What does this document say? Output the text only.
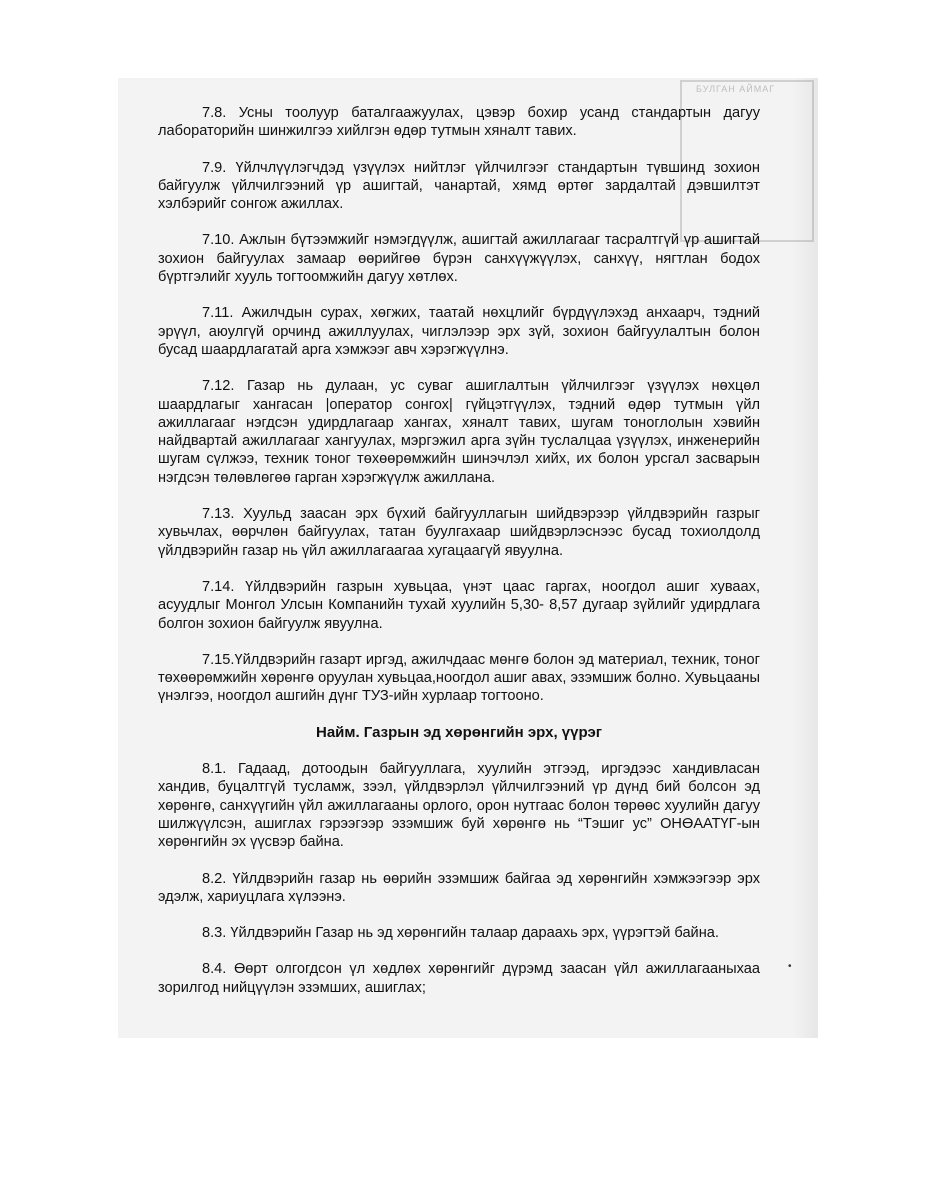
БУЛГАН АЙМАГ

7.8. Усны тоолуур баталгаажуулах, цэвэр бохир усанд стандартын дагуу лабораторийн шинжилгээ хийлгэн өдөр тутмын хяналт тавих.

7.9. Үйлчлүүлэгчдэд үзүүлэх нийтлэг үйлчилгээг стандартын түвшинд зохион байгуулж үйлчилгээний үр ашигтай, чанартай, хямд өртөг зардалтай дэвшилтэт хэлбэрийг сонгож ажиллах.

7.10. Ажлын бүтээмжийг нэмэгдүүлж, ашигтай ажиллагааг тасралтгүй үр ашигтай зохион байгуулах замаар өөрийгөө бүрэн санхүүжүүлэх, санхүү, нягтлан бодох бүртгэлийг хууль тогтоомжийн дагуу хөтлөх.

7.11. Ажилчдын сурах, хөгжих, таатай нөхцлийг бүрдүүлэхэд анхаарч, тэдний эрүүл, аюулгүй орчинд ажиллуулах, чиглэлээр эрх зүй, зохион байгуулалтын болон бусад шаардлагатай арга хэмжээг авч хэрэгжүүлнэ.

7.12. Газар нь дулаан, ус суваг ашиглалтын үйлчилгээг үзүүлэх нөхцөл шаардлагыг хангасан |оператор сонгох| гүйцэтгүүлэх, тэдний өдөр тутмын үйл ажиллагааг нэгдсэн удирдлагаар хангах, хяналт тавих, шугам тоноглолын хэвийн найдвартай ажиллагааг хангуулах, мэргэжил арга зүйн туслалцаа үзүүлэх, инженерийн шугам сүлжээ, техник тоног төхөөрөмжийн шинэчлэл хийх, их болон урсгал засварын нэгдсэн төлөвлөгөө гарган хэрэгжүүлж ажиллана.

7.13. Хуульд заасан эрх бүхий байгууллагын шийдвэрээр үйлдвэрийн газрыг хувьчлах, өөрчлөн байгуулах, татан буулгахаар шийдвэрлэснээс бусад тохиолдолд үйлдвэрийн газар нь үйл ажиллагаагаа хугацаагүй явуулна.

7.14. Үйлдвэрийн газрын хувьцаа, үнэт цаас гаргах, ноогдол ашиг хуваах, асуудлыг Монгол Улсын Компанийн тухай хуулийн 5,30- 8,57 дугаар зүйлийг удирдлага болгон зохион байгуулж явуулна.

7.15.Үйлдвэрийн газарт иргэд, ажилчдаас мөнгө болон эд материал, техник, тоног төхөөрөмжийн хөрөнгө оруулан хувьцаа,ноогдол ашиг авах, эзэмшиж болно. Хувьцааны үнэлгээ, ноогдол ашгийн дүнг ТУЗ-ийн хурлаар тогтооно.

Найм. Газрын эд хөрөнгийн эрх, үүрэг

8.1. Гадаад, дотоодын байгууллага, хуулийн этгээд, иргэдээс хандивласан хандив, буцалтгүй тусламж, зээл, үйлдвэрлэл үйлчилгээний үр дүнд бий болсон эд хөрөнгө, санхүүгийн үйл ажиллагааны орлого, орон нутгаас болон төрөөс хуулийн дагуу шилжүүлсэн, ашиглах гэрээгээр эзэмшиж буй хөрөнгө нь “Тэшиг ус” ОНӨААТҮГ-ын хөрөнгийн эх үүсвэр байна.

8.2. Үйлдвэрийн газар нь өөрийн эзэмшиж байгаа эд хөрөнгийн хэмжээгээр эрх эдэлж, хариуцлага хүлээнэ.

8.3. Үйлдвэрийн Газар нь эд хөрөнгийн талаар дараахь эрх, үүрэгтэй байна.

8.4. Өөрт олгогдсон үл хөдлөх хөрөнгийг дүрэмд заасан үйл ажиллагааныхаа зорилгод нийцүүлэн эзэмших, ашиглах;

•
